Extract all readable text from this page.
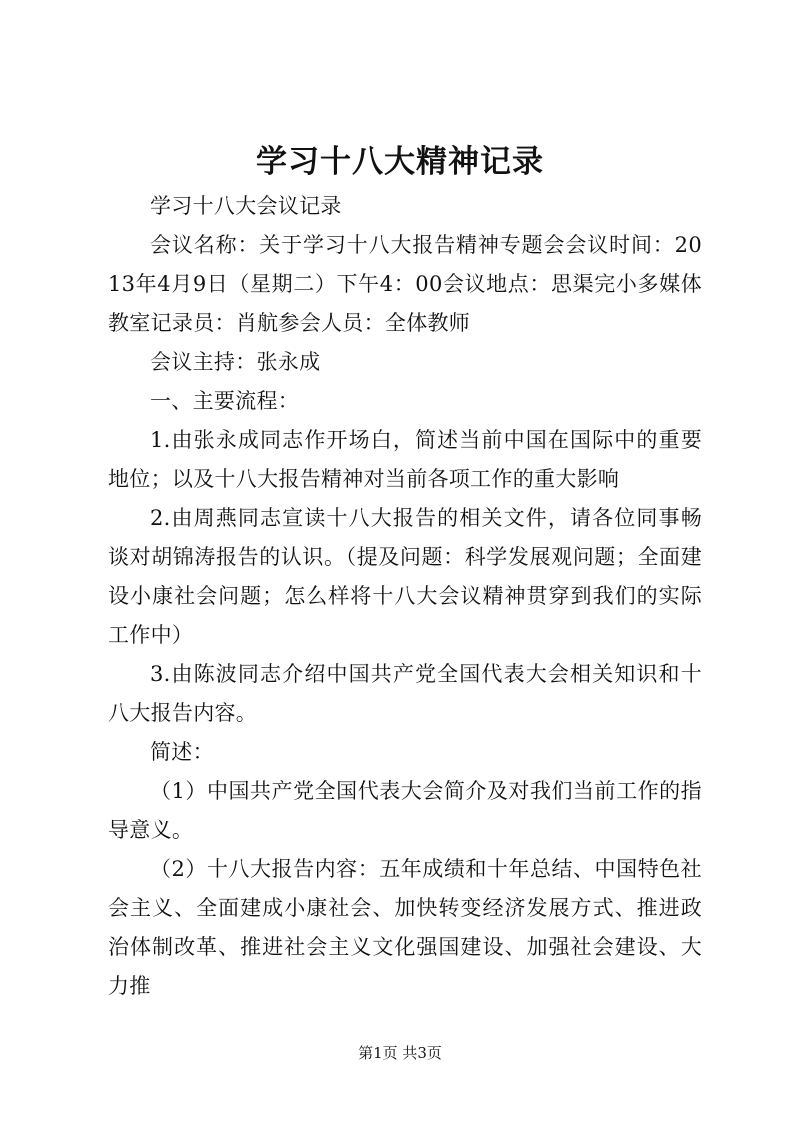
学习十八大精神记录

学习十八大会议记录

会议名称：关于学习十八大报告精神专题会会议时间：2013年4月9日（星期二）下午4：00会议地点：思渠完小多媒体教室记录员：肖航参会人员：全体教师

会议主持：张永成

一、主要流程：

1.由张永成同志作开场白，简述当前中国在国际中的重要地位；以及十八大报告精神对当前各项工作的重大影响

2.由周燕同志宣读十八大报告的相关文件，请各位同事畅谈对胡锦涛报告的认识。（提及问题：科学发展观问题；全面建设小康社会问题；怎么样将十八大会议精神贯穿到我们的实际工作中）

3.由陈波同志介绍中国共产党全国代表大会相关知识和十八大报告内容。

简述：

（1）中国共产党全国代表大会简介及对我们当前工作的指导意义。

（2）十八大报告内容：五年成绩和十年总结、中国特色社会主义、全面建成小康社会、加快转变经济发展方式、推进政治体制改革、推进社会主义文化强国建设、加强社会建设、大力推

第1页 共3页
